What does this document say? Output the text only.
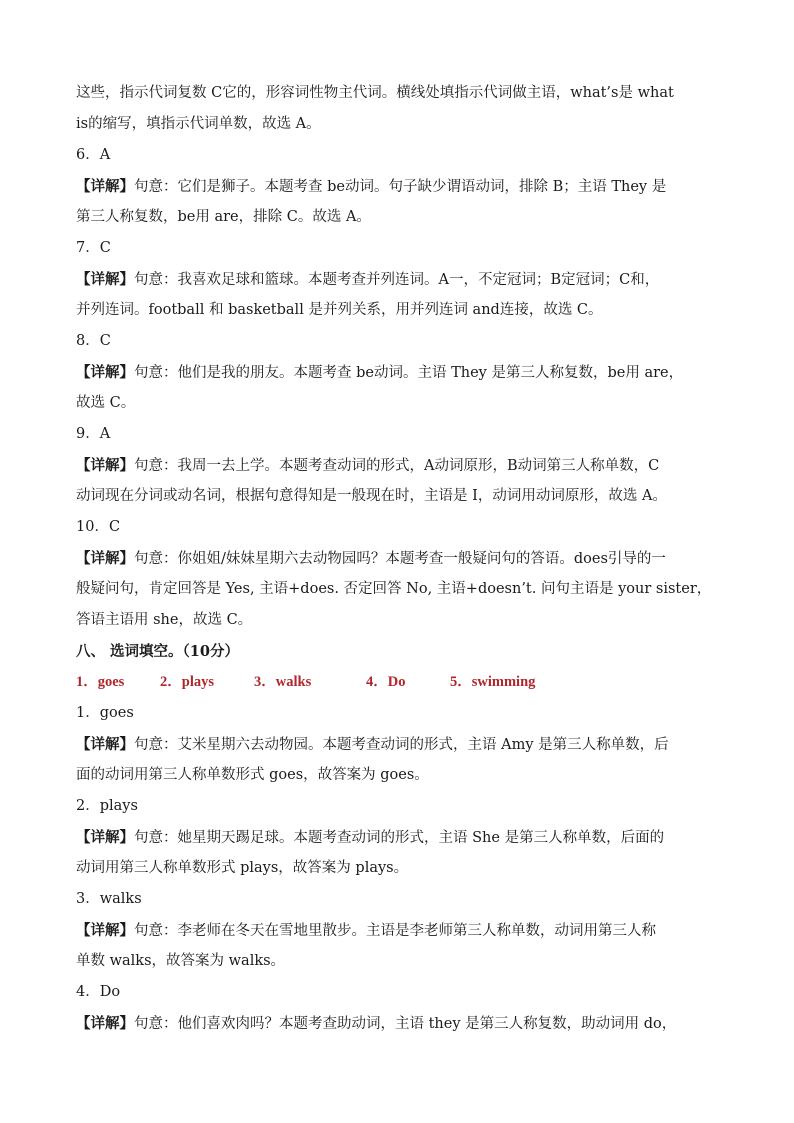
这些，指示代词复数 C它的，形容词性物主代词。横线处填指示代词做主语，what’s是 what
is的缩写，填指示代词单数，故选 A。
6．A
【详解】句意：它们是狮子。本题考查 be动词。句子缺少谓语动词，排除 B；主语 They 是
第三人称复数，be用 are，排除 C。故选 A。
7．C
【详解】句意：我喜欢足球和篮球。本题考查并列连词。A一，不定冠词；B定冠词；C和，
并列连词。football 和 basketball 是并列关系，用并列连词 and连接，故选 C。
8．C
【详解】句意：他们是我的朋友。本题考查 be动词。主语 They 是第三人称复数，be用 are，
故选 C。
9．A
【详解】句意：我周一去上学。本题考查动词的形式，A动词原形，B动词第三人称单数，C
动词现在分词或动名词，根据句意得知是一般现在时，主语是 I，动词用动词原形，故选 A。
10．C
【详解】句意：你姐姐/妹妹星期六去动物园吗？本题考查一般疑问句的答语。does引导的一
般疑问句，肯定回答是 Yes, 主语+does. 否定回答 No, 主语+doesn’t. 问句主语是 your sister，
答语主语用 she，故选 C。
八、 选词填空。（10分）
1．goes 2．plays	3．walks	4．Do	5．swimming
1．goes
【详解】句意：艾米星期六去动物园。本题考查动词的形式，主语 Amy 是第三人称单数，后
面的动词用第三人称单数形式 goes，故答案为 goes。
2．plays
【详解】句意：她星期天踢足球。本题考查动词的形式，主语 She 是第三人称单数，后面的
动词用第三人称单数形式 plays，故答案为 plays。
3．walks
【详解】句意：李老师在冬天在雪地里散步。主语是李老师第三人称单数，动词用第三人称
单数 walks，故答案为 walks。
4．Do
【详解】句意：他们喜欢肉吗？本题考查助动词，主语 they 是第三人称复数，助动词用 do，
